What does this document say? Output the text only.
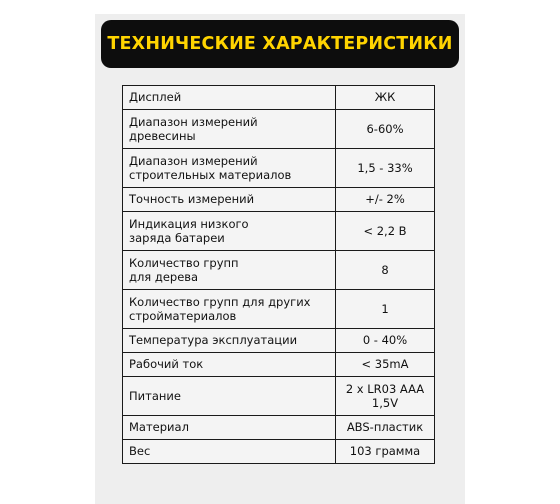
ТЕХНИЧЕСКИЕ ХАРАКТЕРИСТИКИ
Дисплей	ЖК
Диапазон измерений
древесины	6-60%
Диапазон измерений
строительных материалов	1,5 - 33%
Точность измерений	+/- 2%
Индикация низкого
заряда батареи	< 2,2 В
Количество групп
для дерева	8
Количество групп для других
стройматериалов	1
Температура эксплуатации	0 - 40%
Рабочий ток	< 35mA
Питание	2 x LR03 AAA
1,5V
Материал	ABS-пластик
Вес	103 грамма
